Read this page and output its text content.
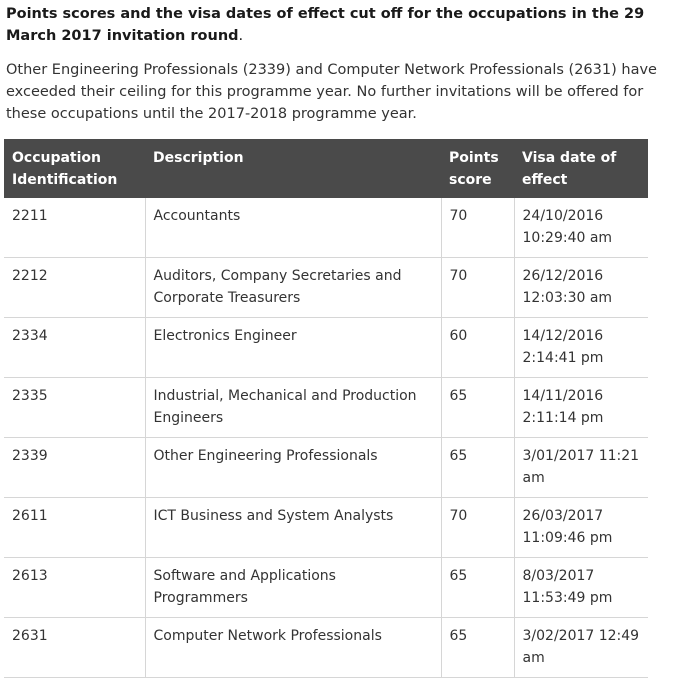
Points scores and the visa dates of effect cut off for the occupations in the 29 March 2017 invitation round.
Other Engineering Professionals (2339) and Computer Network Professionals (2631) have exceeded their ceiling for this programme year. No further invitations will be offered for these occupations until the 2017-2018 programme year.
Occupation Identification	Description	Points score	Visa date of effect
2211	Accountants	70	24/10/2016 10:29:40 am
2212	Auditors, Company Secretaries and Corporate Treasurers	70	26/12/2016 12:03:30 am
2334	Electronics Engineer	60	14/12/2016 2:14:41 pm
2335	Industrial, Mechanical and Production Engineers	65	14/11/2016 2:11:14 pm
2339	Other Engineering Professionals	65	3/01/2017 11:21 am
2611	ICT Business and System Analysts	70	26/03/2017 11:09:46 pm
2613	Software and Applications Programmers	65	8/03/2017 11:53:49 pm
2631	Computer Network Professionals	65	3/02/2017 12:49 am
